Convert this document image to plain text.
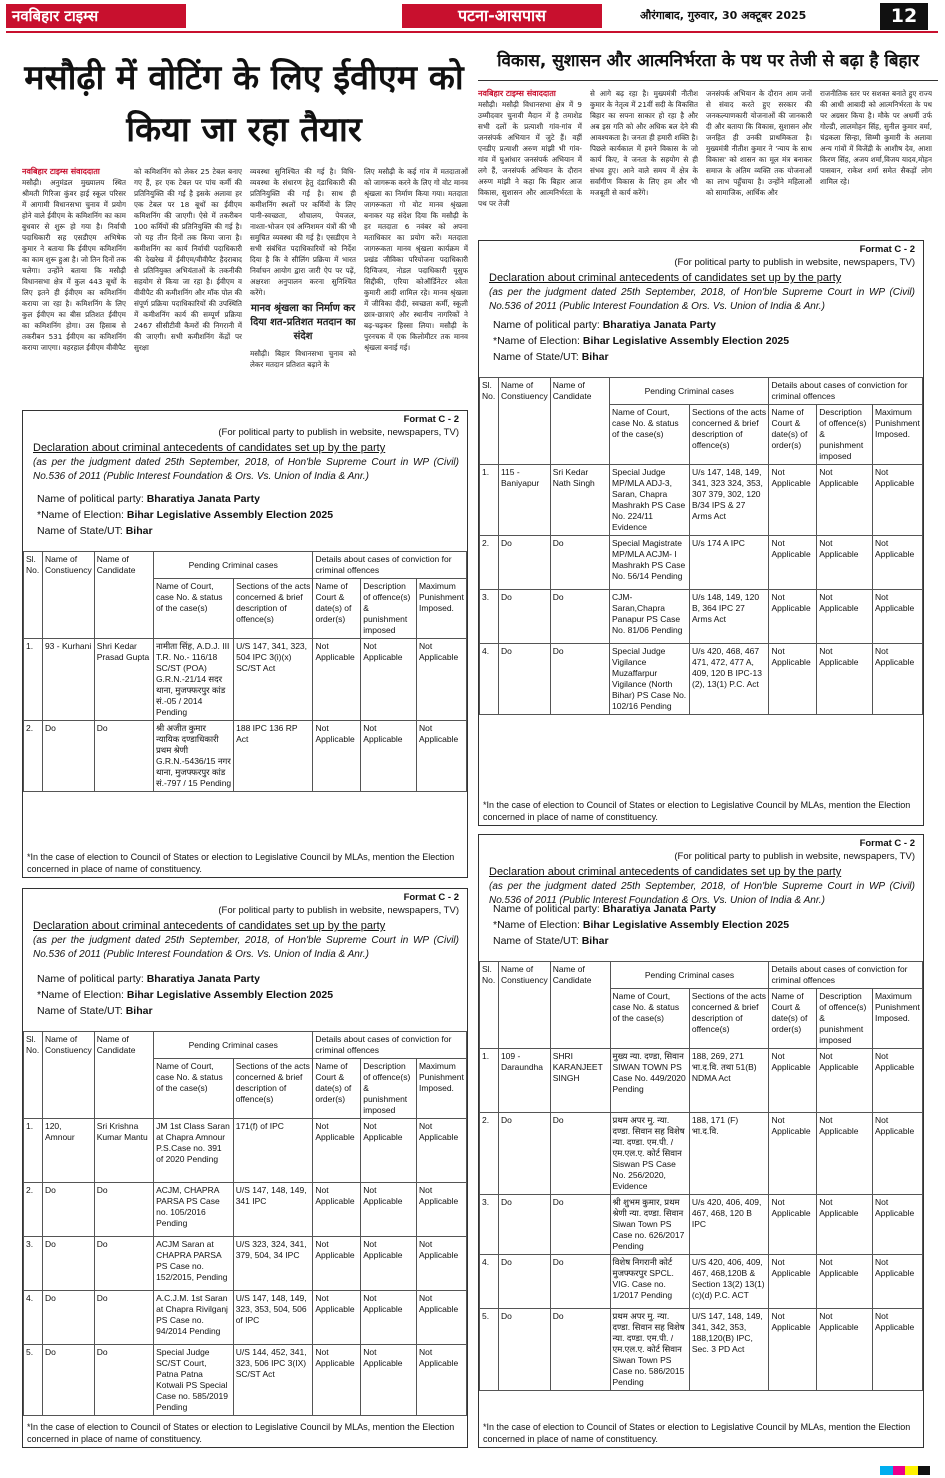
नवबिहार टाइम्स	पटना-आसपास	औरंगाबाद, गुरुवार, 30 अक्टूबर 2025	12
मसौढ़ी में वोटिंग के लिए ईवीएम को किया जा रहा तैयार
नवबिहार टाइम्स संवाददाता
मसौढ़ी। अनुमंडल मुख्यालय स्थित श्रीमती गिरिजा कुंवर हाई स्कूल परिसर में आगामी विधानसभा चुनाव में प्रयोग होने वाले ईवीएम के कमिशनिंग का काम बुधवार से शुरू हो गया है। निर्वाची पदाधिकारी सह एसडीएम अभिषेक कुमार ने बताया कि ईवीएम कमिशनिंग का काम शुरू हुआ है। जो तिन दिनों तक चलेगा। उन्होंने बताया कि मसौढ़ी विधानसभा क्षेत्र में कुल 443 बूथों के लिए इतने ही ईवीएम का कमिशनिंग कराया जा रहा है। कमिशनिंग के लिए कुल ईवीएम का बीस प्रतिशत ईवीएम का कमिशनिंग होगा। उस हिसाब से तकरीबन 531 ईवीएम का कमिशनिंग कराया जाएगा। वहरहाल ईवीएम वीवीपैट
को कमिशनिंग को लेकर 25 टेबल बनाए गए हैं, हर एक टेबल पर पांच कर्मी की प्रतिनियुक्ति की गई है इसके अलावा हर एक टेबल पर 18 बूथों का ईवीएम कमिशनिंग की जाएगी। ऐसे में तकरीबन 100 कर्मियों की प्रतिनियुक्ति की गई है। जो यह तीन दिनों तक किया जाना है। कमीशनिंग का कार्य निर्वाची पदाधिकारी की देखरेख में ईवीएम/वीवीपैट हैदराबाद से प्रतिनियुक्त अभियंताओं के तकनीकी सहयोग से किया जा रहा है। ईवीएम व वीवीपैट की कमीशनिंग और मॉक पोल की संपूर्ण प्रक्रिया पदाधिकारियों की उपस्थिति में कमीशनिंग कार्य की सम्पूर्ण प्रक्रिया 2467 सीसीटीवी कैमरों की निगरानी में की जाएगी। सभी कमीशनिंग केंद्रों पर सुरक्षा
व्यवस्था सुनिश्चित की गई है। विधि-व्यवस्था के संधारण हेतु दंडाधिकारी की प्रतिनियुक्ति की गई है। साथ ही कमीशनिंग स्थलों पर कर्मियों के लिए पानी-स्वच्छता, शौचालय, पेयजल, नाश्ता-भोजन एवं अग्निशमन यंत्रों की भी समुचित व्यवस्था की गई है। एसडीएम ने सभी संबंधित पदाधिकारियों को निर्देश दिया है कि वे सीलिंग प्रक्रिया में भारत निर्वाचन आयोग द्वारा जारी ऐप पर पढ़ें, अक्षरशः अनुपालन करना सुनिश्चित करेंगे।
मानव श्रृंखला का निर्माण कर दिया शत-प्रतिशत मतदान का संदेश
मसौढ़ी। बिहार विधानसभा चुनाव को लेकर मतदान प्रतिशत बढ़ाने के
लिए मसौढ़ी के कई गांव में मतदाताओं को जागरूक करने के लिए गो वोट मानव श्रृंखला का निर्माण किया गया। मतदाता जागरूकता गो वोट मानव श्रृंखला बनाकर यह संदेश दिया कि मसौढ़ी के हर मतदाता 6 नवंबर को अपना मताधिकार का प्रयोग करें। मतदाता जागरूकता मानव श्रृंखला कार्यक्रम में प्रखंड जीविका परियोजना पदाधिकारी दिग्विजय, नोडल पदाधिकारी यूसुफ सिद्दीकी, एरिया कोऑर्डिनेटर श्वेता कुमारी आदी शामिल रहे। मानव श्रृंखला में जीविका दीदी, स्वच्छता कर्मी, स्कूली छात्र-छात्राएं और स्थानीय नागरिकों ने बढ़-चढ़कर हिस्सा लिया। मसौढ़ी के पुरनचक में एक किलोमीटर तक मानव श्रृंखला बनाई गई।
विकास, सुशासन और आत्मनिर्भरता के पथ पर तेजी से बढ़ा है बिहार
नवबिहार टाइम्स संवाददाता
मसौढ़ी। मसौढ़ी विधानसभा क्षेत्र में 9 उम्मीदवार चुनावी मैदान में है तमाशेड सभी दलों के प्रत्याशी गांव-गांव में जनसंपर्क अभियान में जुटे हैं। वहीं एनडीए प्रत्याशी अरुण मांझी भी गांव-गांव में घुआंधार जनसंपर्क अभियान में लगे हैं, जनसंपर्क अभियान के दौरान अरुण मांझी ने कहा कि बिहार आज विकास, सुशासन और आत्मनिर्भरता के पथ पर तेजी
से आगे बढ़ रहा है। मुख्यमंत्री नीतीश कुमार के नेतृत्व में 21वीं सदी के विकसित बिहार का सपना साकार हो रहा है और अब इस गति को और अधिक बल देने की आवश्यकता है। जनता ही हमारी शक्ति है। पिछले कार्यकाल में हमने विकास के जो कार्य किए, वे जनता के सहयोग से ही संभव हुए। आने वाले समय में क्षेत्र के सर्वांगीण विकास के लिए हम और भी मजबूती से कार्य करेंगे।
जनसंपर्क अभियान के दौरान आम जनों से संवाद करते हुए सरकार की जनकल्याणकारी योजनाओं की जानकारी दी और बताया कि विकास, सुशासन और जनहित ही उनकी प्राथमिकता है। मुख्यमंत्री नीतीश कुमार ने 'न्याय के साथ विकास' को शासन का मूल मंत्र बनाकर समाज के अंतिम व्यक्ति तक योजनाओं का लाभ पहुँचाया है। उन्होंने महिलाओं को सामाजिक, आर्थिक और
राजनीतिक स्तर पर सशक्त बनाते हुए राज्य की आधी आबादी को आत्मनिर्भरता के पथ पर अग्रसर किया है। मौके पर अधर्मी उर्फ गोल्डी, लालमोहन सिंह, सुनील कुमार वर्मा, चंद्रकला सिन्हा, सिम्मी कुमारी के अलावा अन्य गांवों में विजेंद्री के आशीष देव, आशा किरण सिंह, अजय शर्मा,विजय यादव,मोहन पासवान, राकेश शर्मा समेत सैकड़ों लोग शामिल रहे।
Format C - 2
(For political party to publish in website, newspapers, TV)
Declaration about criminal antecedents of candidates set up by the party
(as per the judgment dated 25th September, 2018, of Hon'ble Supreme Court in WP (Civil) No.536 of 2011 (Public Interest Foundation & Ors. Vs. Union of India & Anr.)
Name of political party: Bharatiya Janata Party
*Name of Election: Bihar Legislative Assembly Election 2025
Name of State/UT: Bihar
Sl. No.	Name of Constiuency	Name of Candidate	Pending Criminal cases		Details about cases of conviction for criminal offences		
			Name of Court, case No. & status of the case(s)	Sections of the acts concerned & brief description of offence(s)	Name of Court & date(s) of order(s)	Description of offence(s) & punishment imposed	Maximum Punishment Imposed.
1.	93 - Kurhani	Shri Kedar Prasad Gupta	नामीता सिंह, A.D.J. III T.R. No.- 116/18 SC/ST (POA) G.R.N.-21/14 सदर थाना, मुजफ्फरपुर कांड सं.-05 / 2014 Pending	U/S 147, 341, 323, 504 IPC 3(i)(x) SC/ST Act	Not Applicable	Not Applicable	Not Applicable
2.	Do	Do	श्री अजीत कुमार न्यायिक दण्डाधिकारी प्रथम श्रेणी G.R.N.-5436/15 नगर थाना, मुजफ्फरपुर कांड सं.-797 / 15 Pending	188 IPC 136 RP Act	Not Applicable	Not Applicable	Not Applicable
*In the case of election to Council of States or election to Legislative Council by MLAs, mention the Election concerned in place of name of constituency.
Format C - 2
(For political party to publish in website, newspapers, TV)
Declaration about criminal antecedents of candidates set up by the party
(as per the judgment dated 25th September, 2018, of Hon'ble Supreme Court in WP (Civil) No.536 of 2011 (Public Interest Foundation & Ors. Vs. Union of India & Anr.)
Name of political party: Bharatiya Janata Party
*Name of Election: Bihar Legislative Assembly Election 2025
Name of State/UT: Bihar
Sl. No.	Name of Constiuency	Name of Candidate	Pending Criminal cases		Details about cases of conviction for criminal offences		
			Name of Court, case No. & status of the case(s)	Sections of the acts concerned & brief description of offence(s)	Name of Court & date(s) of order(s)	Description of offence(s) & punishment imposed	Maximum Punishment Imposed.
1.	120, Amnour	Sri Krishna Kumar Mantu	JM 1st Class Saran at Chapra Amnour P.S.Case no. 391 of 2020 Pending	171(f) of IPC	Not Applicable	Not Applicable	Not Applicable
2.	Do	Do	ACJM, CHAPRA PARSA PS Case no. 105/2016 Pending	U/S 147, 148, 149, 341 IPC	Not Applicable	Not Applicable	Not Applicable
3.	Do	Do	ACJM Saran at CHAPRA PARSA PS Case no. 152/2015, Pending	U/S 323, 324, 341, 379, 504, 34 IPC	Not Applicable	Not Applicable	Not Applicable
4.	Do	Do	A.C.J.M. 1st Saran at Chapra Rivilganj PS Case no. 94/2014 Pending	U/S 147, 148, 149, 323, 353, 504, 506 of IPC	Not Applicable	Not Applicable	Not Applicable
5.	Do	Do	Special Judge SC/ST Court, Patna Patna Kotwali PS Special Case no. 585/2019 Pending	U/S 144, 452, 341, 323, 506 IPC 3(IX) SC/ST Act	Not Applicable	Not Applicable	Not Applicable
*In the case of election to Council of States or election to Legislative Council by MLAs, mention the Election concerned in place of name of constituency.
Format C - 2
(For political party to publish in website, newspapers, TV)
Declaration about criminal antecedents of candidates set up by the party
(as per the judgment dated 25th September, 2018, of Hon'ble Supreme Court in WP (Civil) No.536 of 2011 (Public Interest Foundation & Ors. Vs. Union of India & Anr.)
Name of political party: Bharatiya Janata Party
*Name of Election: Bihar Legislative Assembly Election 2025
Name of State/UT: Bihar
Sl. No.	Name of Constiuency	Name of Candidate	Pending Criminal cases		Details about cases of conviction for criminal offences		
			Name of Court, case No. & status of the case(s)	Sections of the acts concerned & brief description of offence(s)	Name of Court & date(s) of order(s)	Description of offence(s) & punishment imposed	Maximum Punishment Imposed.
1.	115 - Baniyapur	Sri Kedar Nath Singh	Special Judge MP/MLA ADJ-3, Saran, Chapra Mashrakh PS Case No. 224/11 Evidence	U/s 147, 148, 149, 341, 323 324, 353, 307 379, 302, 120 B/34 IPS & 27 Arms Act	Not Applicable	Not Applicable	Not Applicable
2.	Do	Do	Special Magistrate MP/MLA ACJM- I Mashrakh PS Case No. 56/14 Pending	U/s 174 A IPC	Not Applicable	Not Applicable	Not Applicable
3.	Do	Do	CJM- Saran,Chapra Panapur PS Case No. 81/06 Pending	U/s 148, 149, 120 B, 364 IPC 27 Arms Act	Not Applicable	Not Applicable	Not Applicable
4.	Do	Do	Special Judge Vigilance Muzaffarpur Vigilance (North Bihar) PS Case No. 102/16 Pending	U/s 420, 468, 467 471, 472, 477 A, 409, 120 B IPC-13 (2), 13(1) P.C. Act	Not Applicable	Not Applicable	Not Applicable
*In the case of election to Council of States or election to Legislative Council by MLAs, mention the Election concerned in place of name of constituency.
Format C - 2
(For political party to publish in website, newspapers, TV)
Declaration about criminal antecedents of candidates set up by the party
(as per the judgment dated 25th September, 2018, of Hon'ble Supreme Court in WP (Civil) No.536 of 2011 (Public Interest Foundation & Ors. Vs. Union of India & Anr.)
Name of political party: Bharatiya Janata Party
*Name of Election: Bihar Legislative Assembly Election 2025
Name of State/UT: Bihar
Sl. No.	Name of Constiuency	Name of Candidate	Pending Criminal cases		Details about cases of conviction for criminal offences		
			Name of Court, case No. & status of the case(s)	Sections of the acts concerned & brief description of offence(s)	Name of Court & date(s) of order(s)	Description of offence(s) & punishment imposed	Maximum Punishment Imposed.
1.	109 - Daraundha	SHRI KARANJEET SINGH	मुख्य न्या. दण्डा, सिवान SIWAN TOWN PS Case No. 449/2020 Pending	188, 269, 271 भा.द.वि. तथा 51(B) NDMA Act	Not Applicable	Not Applicable	Not Applicable
2.	Do	Do	प्रथम अपर मु. न्या. दण्डा. सिवान सह विशेष न्या. दण्डा. एम.पी. / एम.एल.ए. कोर्ट सिवान Siswan PS Case No. 256/2020, Evidence	188, 171 (F) भा.द.वि.	Not Applicable	Not Applicable	Not Applicable
3.	Do	Do	श्री शुभम कुमार, प्रथम श्रेणी न्या. दण्डा. सिवान Siwan Town PS Case no. 626/2017 Pending	U/s 420, 406, 409, 467, 468, 120 B IPC	Not Applicable	Not Applicable	Not Applicable
4.	Do	Do	विशेष निगरानी कोर्ट मुजफ्फरपुर SPCL. VIG. Case no. 1/2017 Pending	U/S 420, 406, 409, 467, 468,120B & Section 13(2) 13(1) (c)(d) P.C. ACT	Not Applicable	Not Applicable	Not Applicable
5.	Do	Do	प्रथम अपर मु. न्या. दण्डा. सिवान सह विशेष न्या. दण्डा. एम.पी. / एम.एल.ए. कोर्ट सिवान Siwan Town PS Case no. 586/2015 Pending	U/S 147, 148, 149, 341, 342, 353, 188,120(B) IPC, Sec. 3 PD Act	Not Applicable	Not Applicable	Not Applicable
*In the case of election to Council of States or election to Legislative Council by MLAs, mention the Election concerned in place of name of constituency.
